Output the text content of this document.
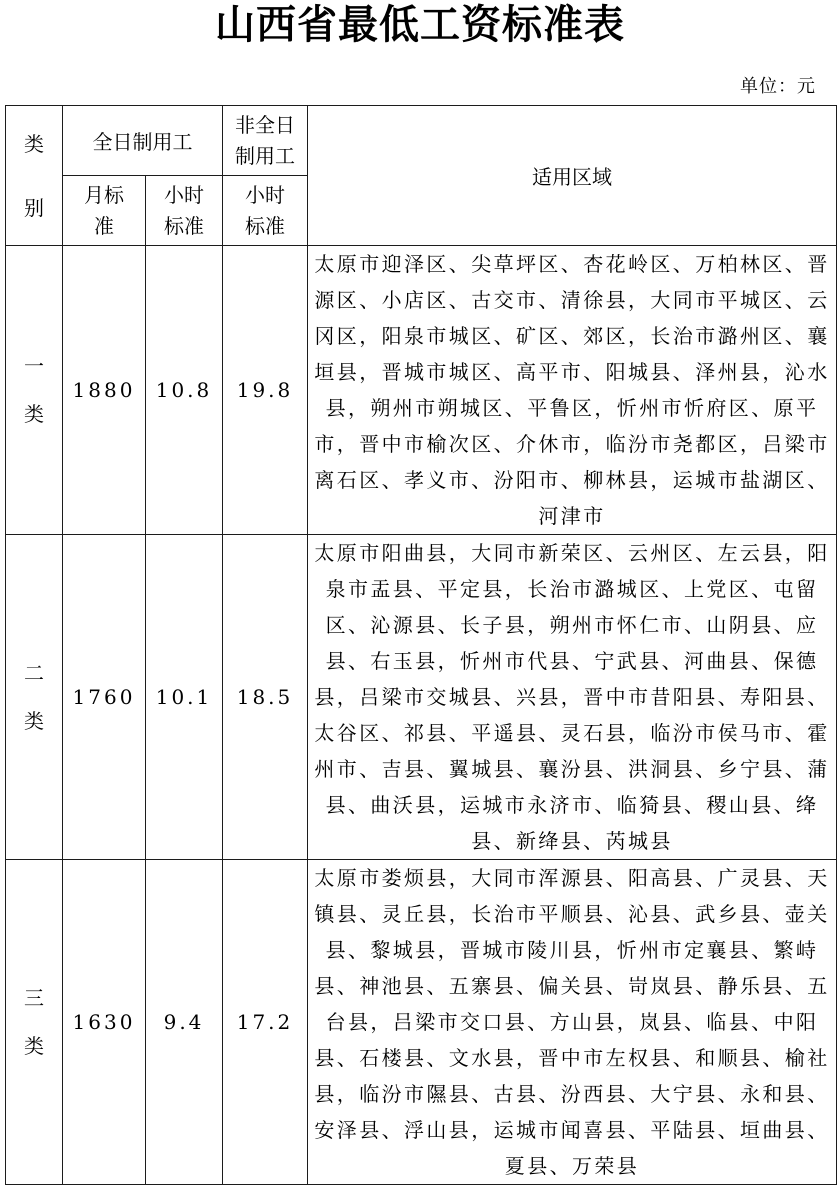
山西省最低工资标准表
单位：元
类别	全日制用工		非全日制用工	适用区域

	月标准	小时标准	小时标准	

一类	1880	10.8	19.8	太原市迎泽区、尖草坪区、杏花岭区、万柏林区、晋源区、小店区、古交市、清徐县，大同市平城区、云冈区，阳泉市城区、矿区、郊区，长治市潞州区、襄垣县，晋城市城区、高平市、阳城县、泽州县，沁水县，朔州市朔城区、平鲁区，忻州市忻府区、原平市，晋中市榆次区、介休市，临汾市尧都区，吕梁市离石区、孝义市、汾阳市、柳林县，运城市盐湖区、河津市

二类	1760	10.1	18.5	太原市阳曲县，大同市新荣区、云州区、左云县，阳泉市盂县、平定县，长治市潞城区、上党区、屯留区、沁源县、长子县，朔州市怀仁市、山阴县、应县、右玉县，忻州市代县、宁武县、河曲县、保德县，吕梁市交城县、兴县，晋中市昔阳县、寿阳县、太谷区、祁县、平遥县、灵石县，临汾市侯马市、霍州市、吉县、翼城县、襄汾县、洪洞县、乡宁县、蒲县、曲沃县，运城市永济市、临猗县、稷山县、绛县、新绛县、芮城县

三类	1630	9.4	17.2	太原市娄烦县，大同市浑源县、阳高县、广灵县、天镇县、灵丘县，长治市平顺县、沁县、武乡县、壶关县、黎城县，晋城市陵川县，忻州市定襄县、繁峙县、神池县、五寨县、偏关县、岢岚县、静乐县、五台县，吕梁市交口县、方山县，岚县、临县、中阳县、石楼县、文水县，晋中市左权县、和顺县、榆社县，临汾市隰县、古县、汾西县、大宁县、永和县、安泽县、浮山县，运城市闻喜县、平陆县、垣曲县、夏县、万荣县
